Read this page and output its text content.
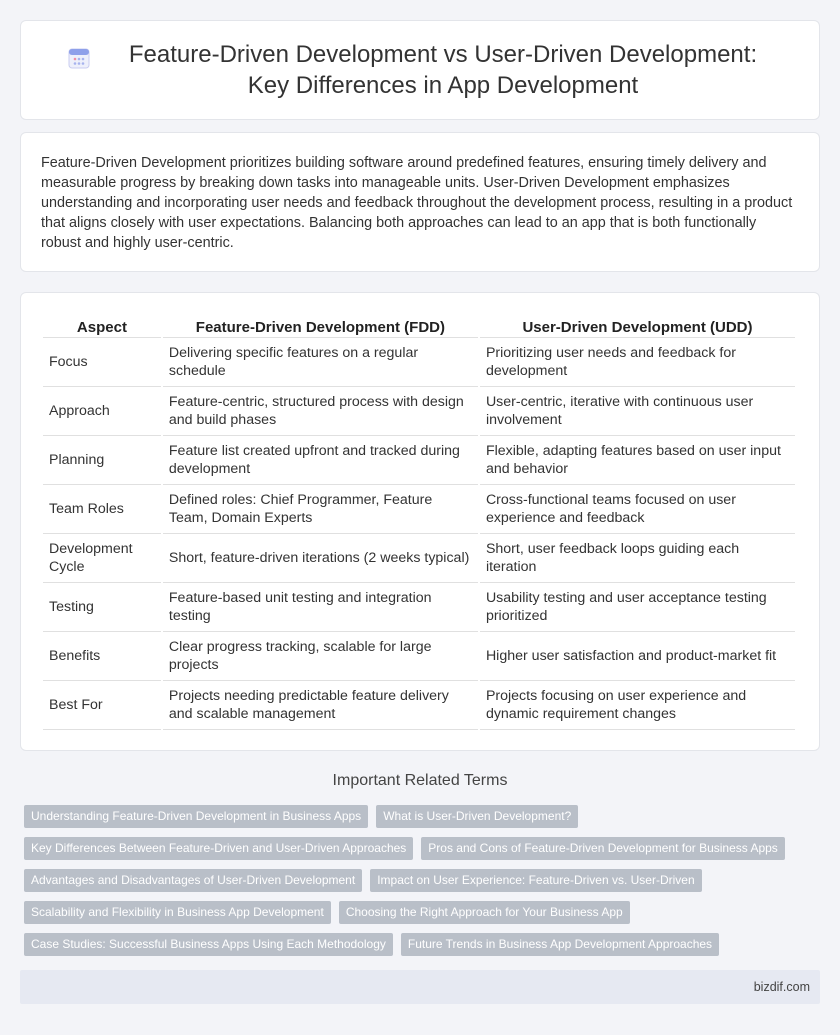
Feature-Driven Development vs User-Driven Development: Key Differences in App Development

Feature-Driven Development prioritizes building software around predefined features, ensuring timely delivery and measurable progress by breaking down tasks into manageable units. User-Driven Development emphasizes understanding and incorporating user needs and feedback throughout the development process, resulting in a product that aligns closely with user expectations. Balancing both approaches can lead to an app that is both functionally robust and highly user-centric.

Aspect	Feature-Driven Development (FDD)	User-Driven Development (UDD)
Focus	Delivering specific features on a regular schedule	Prioritizing user needs and feedback for development
Approach	Feature-centric, structured process with design and build phases	User-centric, iterative with continuous user involvement
Planning	Feature list created upfront and tracked during development	Flexible, adapting features based on user input and behavior
Team Roles	Defined roles: Chief Programmer, Feature Team, Domain Experts	Cross-functional teams focused on user experience and feedback
Development Cycle	Short, feature-driven iterations (2 weeks typical)	Short, user feedback loops guiding each iteration
Testing	Feature-based unit testing and integration testing	Usability testing and user acceptance testing prioritized
Benefits	Clear progress tracking, scalable for large projects	Higher user satisfaction and product-market fit
Best For	Projects needing predictable feature delivery and scalable management	Projects focusing on user experience and dynamic requirement changes
Important Related Terms
Understanding Feature-Driven Development in Business Apps	What is User-Driven Development?
Key Differences Between Feature-Driven and User-Driven Approaches	Pros and Cons of Feature-Driven Development for Business Apps
Advantages and Disadvantages of User-Driven Development	Impact on User Experience: Feature-Driven vs. User-Driven
Scalability and Flexibility in Business App Development	Choosing the Right Approach for Your Business App
Case Studies: Successful Business Apps Using Each Methodology	Future Trends in Business App Development Approaches
bizdif.com
